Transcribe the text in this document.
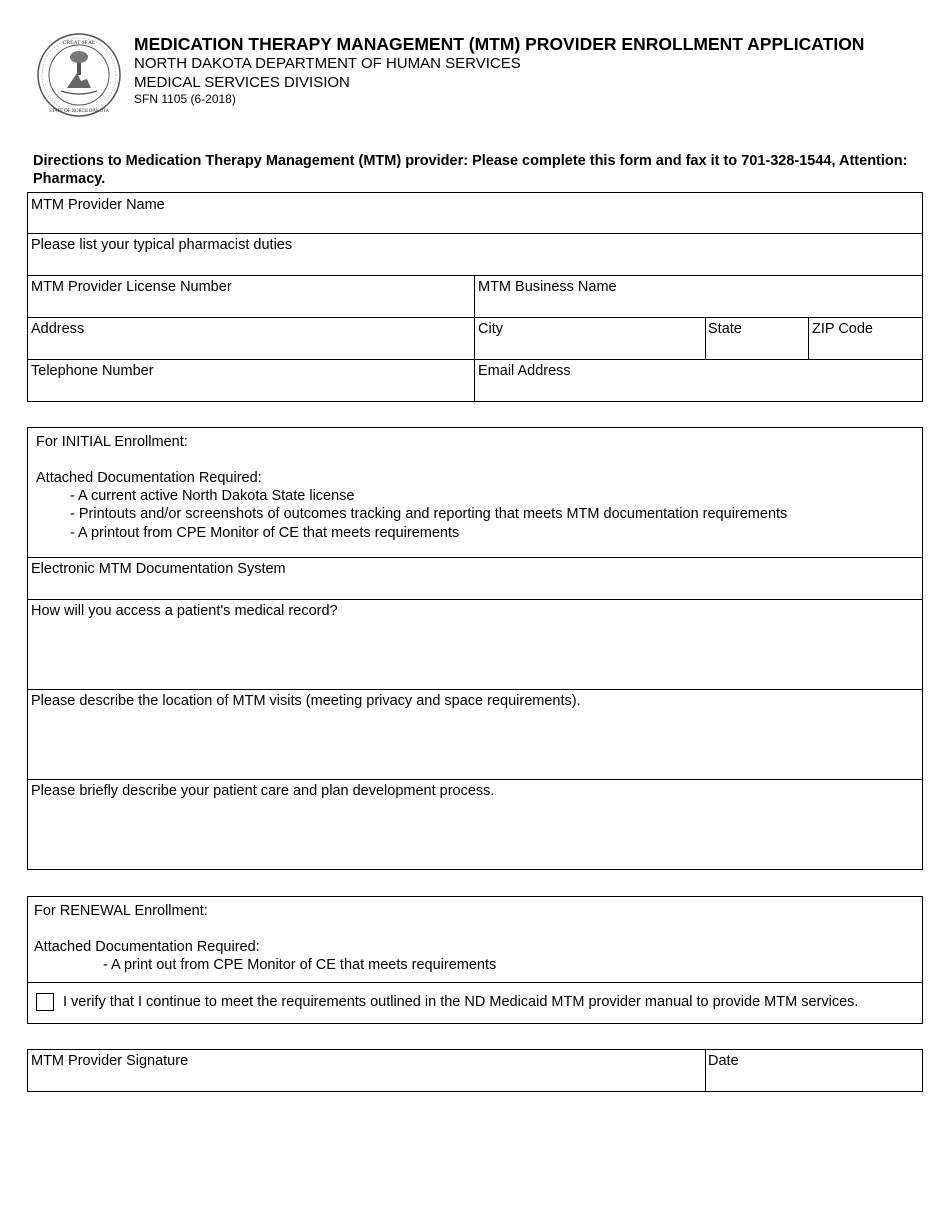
GREAT SEAL
STATE OF NORTH DAKOTA
MEDICATION THERAPY MANAGEMENT (MTM) PROVIDER ENROLLMENT APPLICATION
NORTH DAKOTA DEPARTMENT OF HUMAN SERVICES
MEDICAL SERVICES DIVISION
SFN 1105 (6-2018)
Directions to Medication Therapy Management (MTM) provider: Please complete this form and fax it to 701-328-1544, Attention: Pharmacy.
MTM Provider Name
Please list your typical pharmacist duties
MTM Provider License Number	MTM Business Name
Address	City	State	ZIP Code
Telephone Number	Email Address
For INITIAL Enrollment:
Attached Documentation Required:
- A current active North Dakota State license
- Printouts and/or screenshots of outcomes tracking and reporting that meets MTM documentation requirements
- A printout from CPE Monitor of CE that meets requirements
Electronic MTM Documentation System
How will you access a patient's medical record?
Please describe the location of MTM visits (meeting privacy and space requirements).
Please briefly describe your patient care and plan development process.
For RENEWAL Enrollment:
Attached Documentation Required:
- A print out from CPE Monitor of CE that meets requirements
I verify that I continue to meet the requirements outlined in the ND Medicaid MTM provider manual to provide MTM services.
MTM Provider Signature	Date
